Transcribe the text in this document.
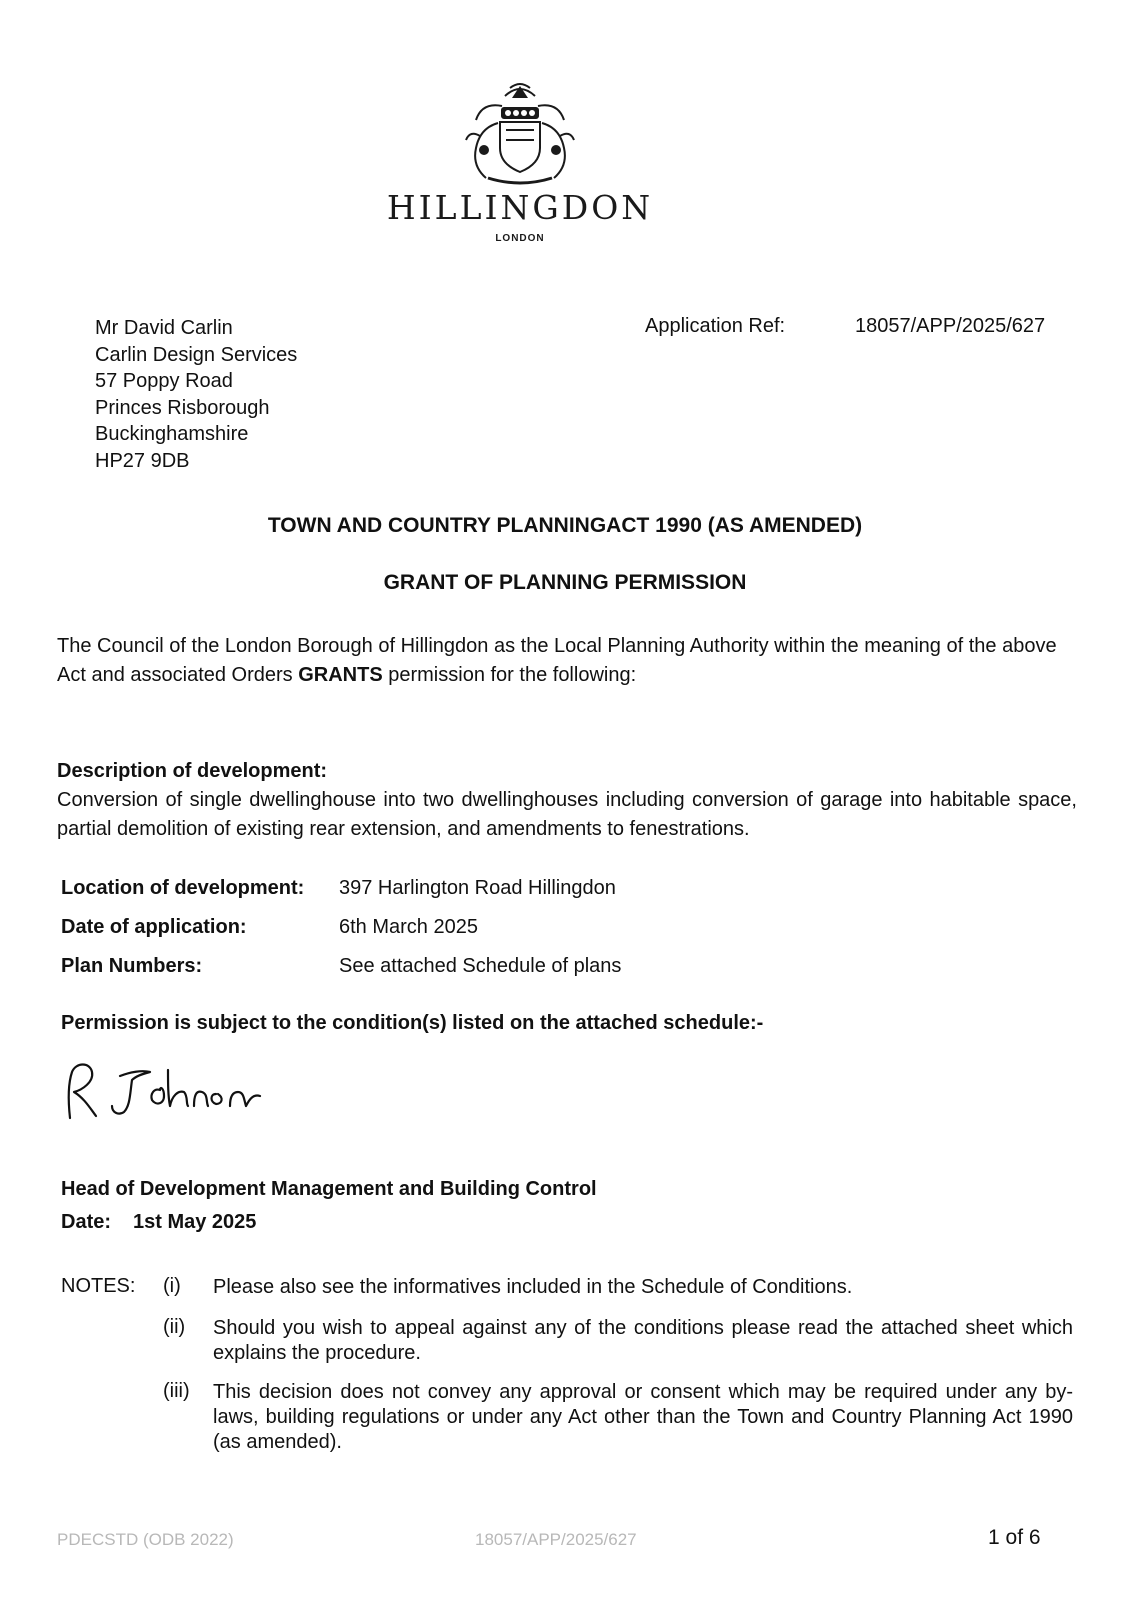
HILLINGDON
LONDON
Mr David Carlin
Carlin Design Services
57 Poppy Road
Princes Risborough
Buckinghamshire
HP27 9DB
Application Ref:	18057/APP/2025/627
TOWN AND COUNTRY PLANNINGACT 1990 (AS AMENDED)
GRANT OF PLANNING PERMISSION
The Council of the London Borough of Hillingdon as the Local Planning Authority within the meaning of the above Act and associated Orders GRANTS permission for the following:
Description of development:
Conversion of single dwellinghouse into two dwellinghouses including conversion of garage into habitable space, partial demolition of existing rear extension, and amendments to fenestrations.
Location of development: 397 Harlington Road Hillingdon
Date of application:	6th March 2025
Plan Numbers:	See attached Schedule of plans
Permission is subject to the condition(s) listed on the attached schedule:-
Head of Development Management and Building Control
Date: 1st May 2025
NOTES: (i) Please also see the informatives included in the Schedule of Conditions.
(ii) Should you wish to appeal against any of the conditions please read the attached sheet which explains the procedure.
(iii) This decision does not convey any approval or consent which may be required under any by-laws, building regulations or under any Act other than the Town and Country Planning Act 1990 (as amended).
PDECSTD (ODB 2022)	18057/APP/2025/627	1 of 6
